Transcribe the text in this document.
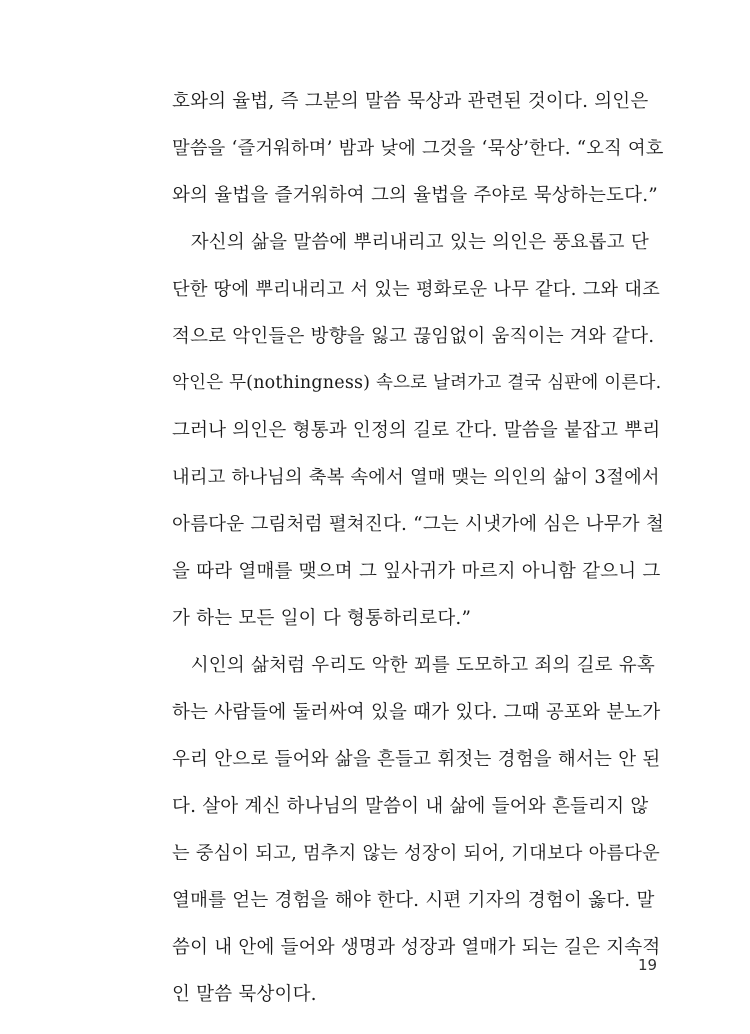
호와의 율법, 즉 그분의 말씀 묵상과 관련된 것이다. 의인은
말씀을 ‘즐거워하며’ 밤과 낮에 그것을 ‘묵상’한다. “오직 여호
와의 율법을 즐거워하여 그의 율법을 주야로 묵상하는도다.”
　자신의 삶을 말씀에 뿌리내리고 있는 의인은 풍요롭고 단
단한 땅에 뿌리내리고 서 있는 평화로운 나무 같다. 그와 대조
적으로 악인들은 방향을 잃고 끊임없이 움직이는 겨와 같다.
악인은 무(nothingness) 속으로 날려가고 결국 심판에 이른다.
그러나 의인은 형통과 인정의 길로 간다. 말씀을 붙잡고 뿌리
내리고 하나님의 축복 속에서 열매 맺는 의인의 삶이 3절에서
아름다운 그림처럼 펼쳐진다. “그는 시냇가에 심은 나무가 철
을 따라 열매를 맺으며 그 잎사귀가 마르지 아니함 같으니 그
가 하는 모든 일이 다 형통하리로다.”
　시인의 삶처럼 우리도 악한 꾀를 도모하고 죄의 길로 유혹
하는 사람들에 둘러싸여 있을 때가 있다. 그때 공포와 분노가
우리 안으로 들어와 삶을 흔들고 휘젓는 경험을 해서는 안 된
다. 살아 계신 하나님의 말씀이 내 삶에 들어와 흔들리지 않
는 중심이 되고, 멈추지 않는 성장이 되어, 기대보다 아름다운
열매를 얻는 경험을 해야 한다. 시편 기자의 경험이 옳다. 말
씀이 내 안에 들어와 생명과 성장과 열매가 되는 길은 지속적
인 말씀 묵상이다.
19
